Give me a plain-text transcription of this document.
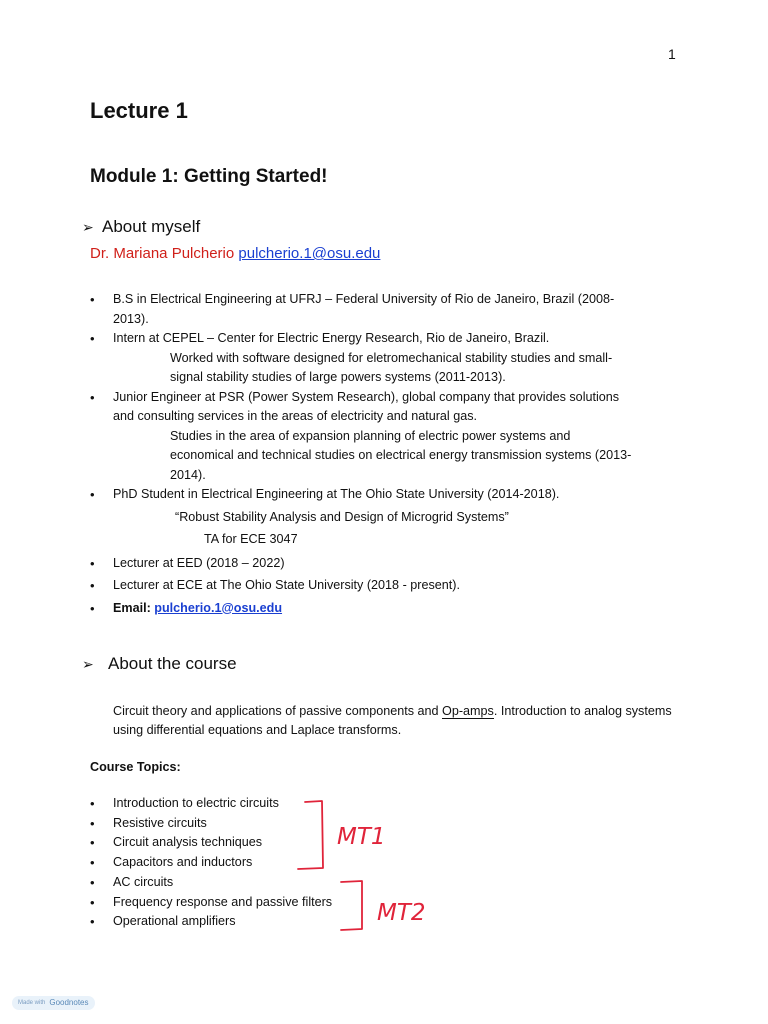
1
Lecture 1
Module 1: Getting Started!
➢ About myself
Dr. Mariana Pulcherio pulcherio.1@osu.edu
• B.S in Electrical Engineering at UFRJ – Federal University of Rio de Janeiro, Brazil (2008-
2013).
• Intern at CEPEL – Center for Electric Energy Research, Rio de Janeiro, Brazil.
Worked with software designed for eletromechanical stability studies and small-
signal stability studies of large powers systems (2011-2013).
• Junior Engineer at PSR (Power System Research), global company that provides solutions
and consulting services in the areas of electricity and natural gas.
Studies in the area of expansion planning of electric power systems and
economical and technical studies on electrical energy transmission systems (2013-
2014).
• PhD Student in Electrical Engineering at The Ohio State University (2014-2018).
“Robust Stability Analysis and Design of Microgrid Systems”
TA for ECE 3047
• Lecturer at EED (2018 – 2022)
• Lecturer at ECE at The Ohio State University (2018 - present).
• Email: pulcherio.1@osu.edu
➢ About the course
Circuit theory and applications of passive components and Op-amps. Introduction to analog systems using differential equations and Laplace transforms.
Course Topics:
• Introduction to electric circuits
• Resistive circuits
• Circuit analysis techniques
• Capacitors and inductors
• AC circuits
• Frequency response and passive filters
• Operational amplifiers
MT1
MT2
Made with Goodnotes
